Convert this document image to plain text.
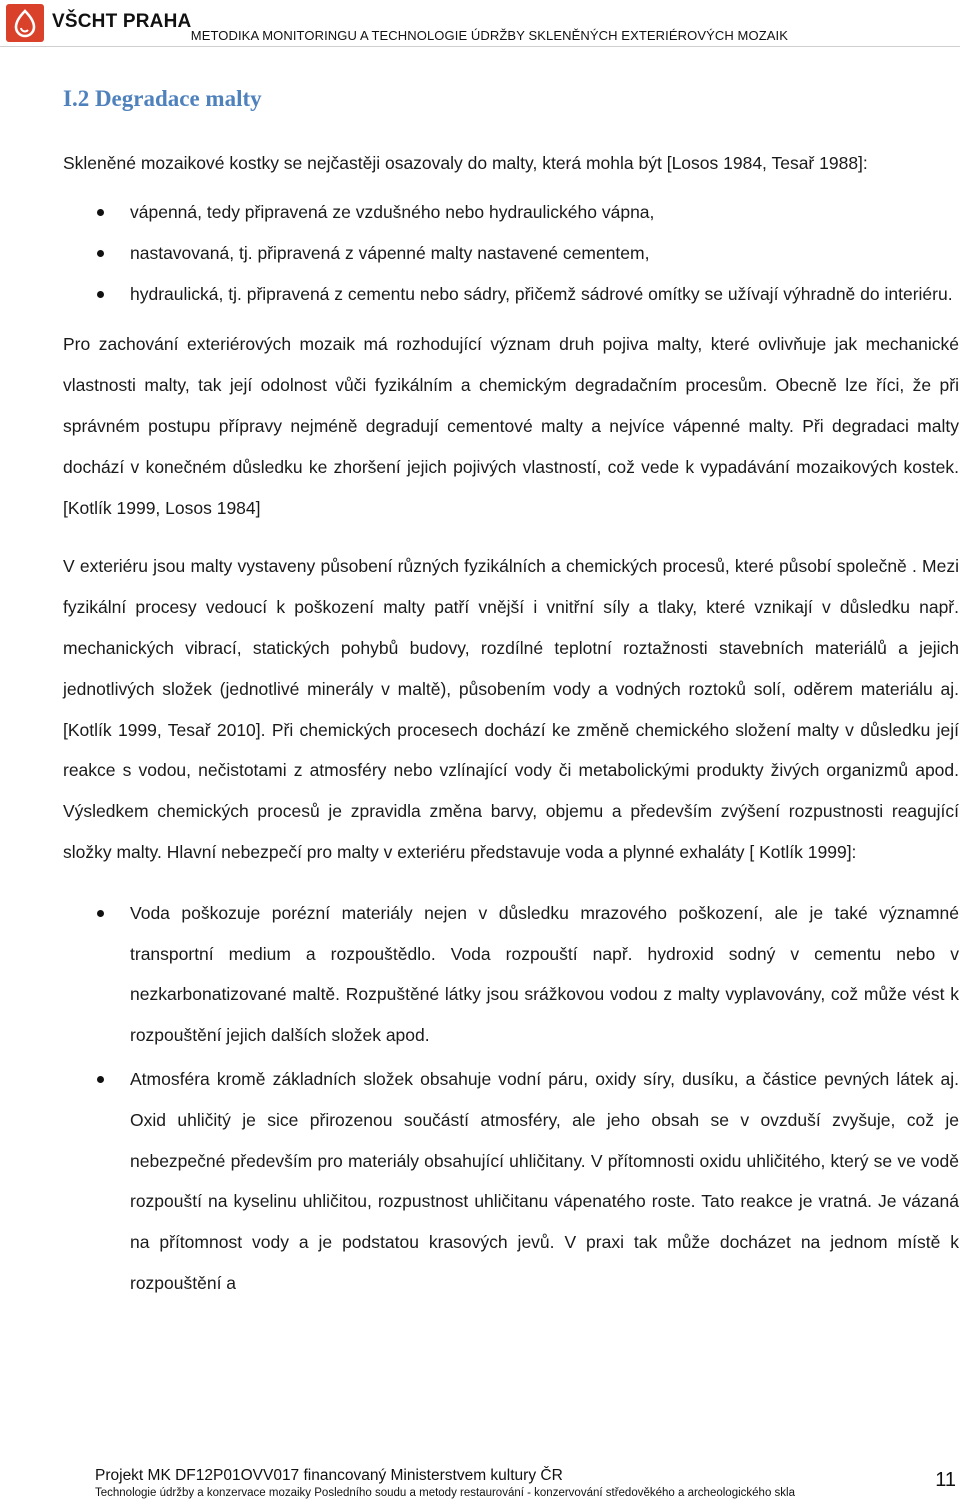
VŠCHT PRAHA
METODIKA MONITORINGU A TECHNOLOGIE ÚDRŽBY SKLENĚNÝCH EXTERIÉROVÝCH MOZAIK
I.2 Degradace malty

Skleněné mozaikové kostky se nejčastěji osazovaly do malty, která mohla být [Losos 1984, Tesař 1988]:

vápenná, tedy připravená ze vzdušného nebo hydraulického vápna,
nastavovaná, tj. připravená z vápenné malty nastavené cementem,
hydraulická, tj. připravená z cementu nebo sádry, přičemž sádrové omítky se užívají výhradně do interiéru.

Pro zachování exteriérových mozaik má rozhodující význam druh pojiva malty, které ovlivňuje jak mechanické vlastnosti malty, tak její odolnost vůči fyzikálním a chemickým degradačním procesům. Obecně lze říci, že při správném postupu přípravy nejméně degradují cementové malty a nejvíce vápenné malty. Při degradaci malty dochází v konečném důsledku ke zhoršení jejich pojivých vlastností, což vede k vypadávání mozaikových kostek. [Kotlík 1999, Losos 1984]

V exteriéru jsou malty vystaveny působení různých fyzikálních a chemických procesů, které působí společně . Mezi fyzikální procesy vedoucí k poškození malty patří vnější i vnitřní síly a tlaky, které vznikají v důsledku např. mechanických vibrací, statických pohybů budovy, rozdílné teplotní roztažnosti stavebních materiálů a jejich jednotlivých složek (jednotlivé minerály v maltě), působením vody a vodných roztoků solí, oděrem materiálu aj. [Kotlík 1999, Tesař 2010]. Při chemických procesech dochází ke změně chemického složení malty v důsledku její reakce s vodou, nečistotami z atmosféry nebo vzlínající vody či metabolickými produkty živých organizmů apod. Výsledkem chemických procesů je zpravidla změna barvy, objemu a především zvýšení rozpustnosti reagující složky malty. Hlavní nebezpečí pro malty v exteriéru představuje voda a plynné exhaláty [ Kotlík 1999]:

Voda poškozuje porézní materiály nejen v důsledku mrazového poškození, ale je také významné transportní medium a rozpouštědlo. Voda rozpouští např. hydroxid sodný v cementu nebo v nezkarbonatizované maltě. Rozpuštěné látky jsou srážkovou vodou z malty vyplavovány, což může vést k rozpouštění jejich dalších složek apod.
Atmosféra kromě základních složek obsahuje vodní páru, oxidy síry, dusíku, a částice pevných látek aj. Oxid uhličitý je sice přirozenou součástí atmosféry, ale jeho obsah se v ovzduší zvyšuje, což je nebezpečné především pro materiály obsahující uhličitany. V přítomnosti oxidu uhličitého, který se ve vodě rozpouští na kyselinu uhličitou, rozpustnost uhličitanu vápenatého roste. Tato reakce je vratná. Je vázaná na přítomnost vody a je podstatou krasových jevů. V praxi tak může docházet na jednom místě k rozpouštění a
Projekt MK DF12P01OVV017 financovaný Ministerstvem kultury ČR
Technologie údržby a konzervace mozaiky Posledního soudu a metody restaurování - konzervování středověkého a archeologického skla
11
